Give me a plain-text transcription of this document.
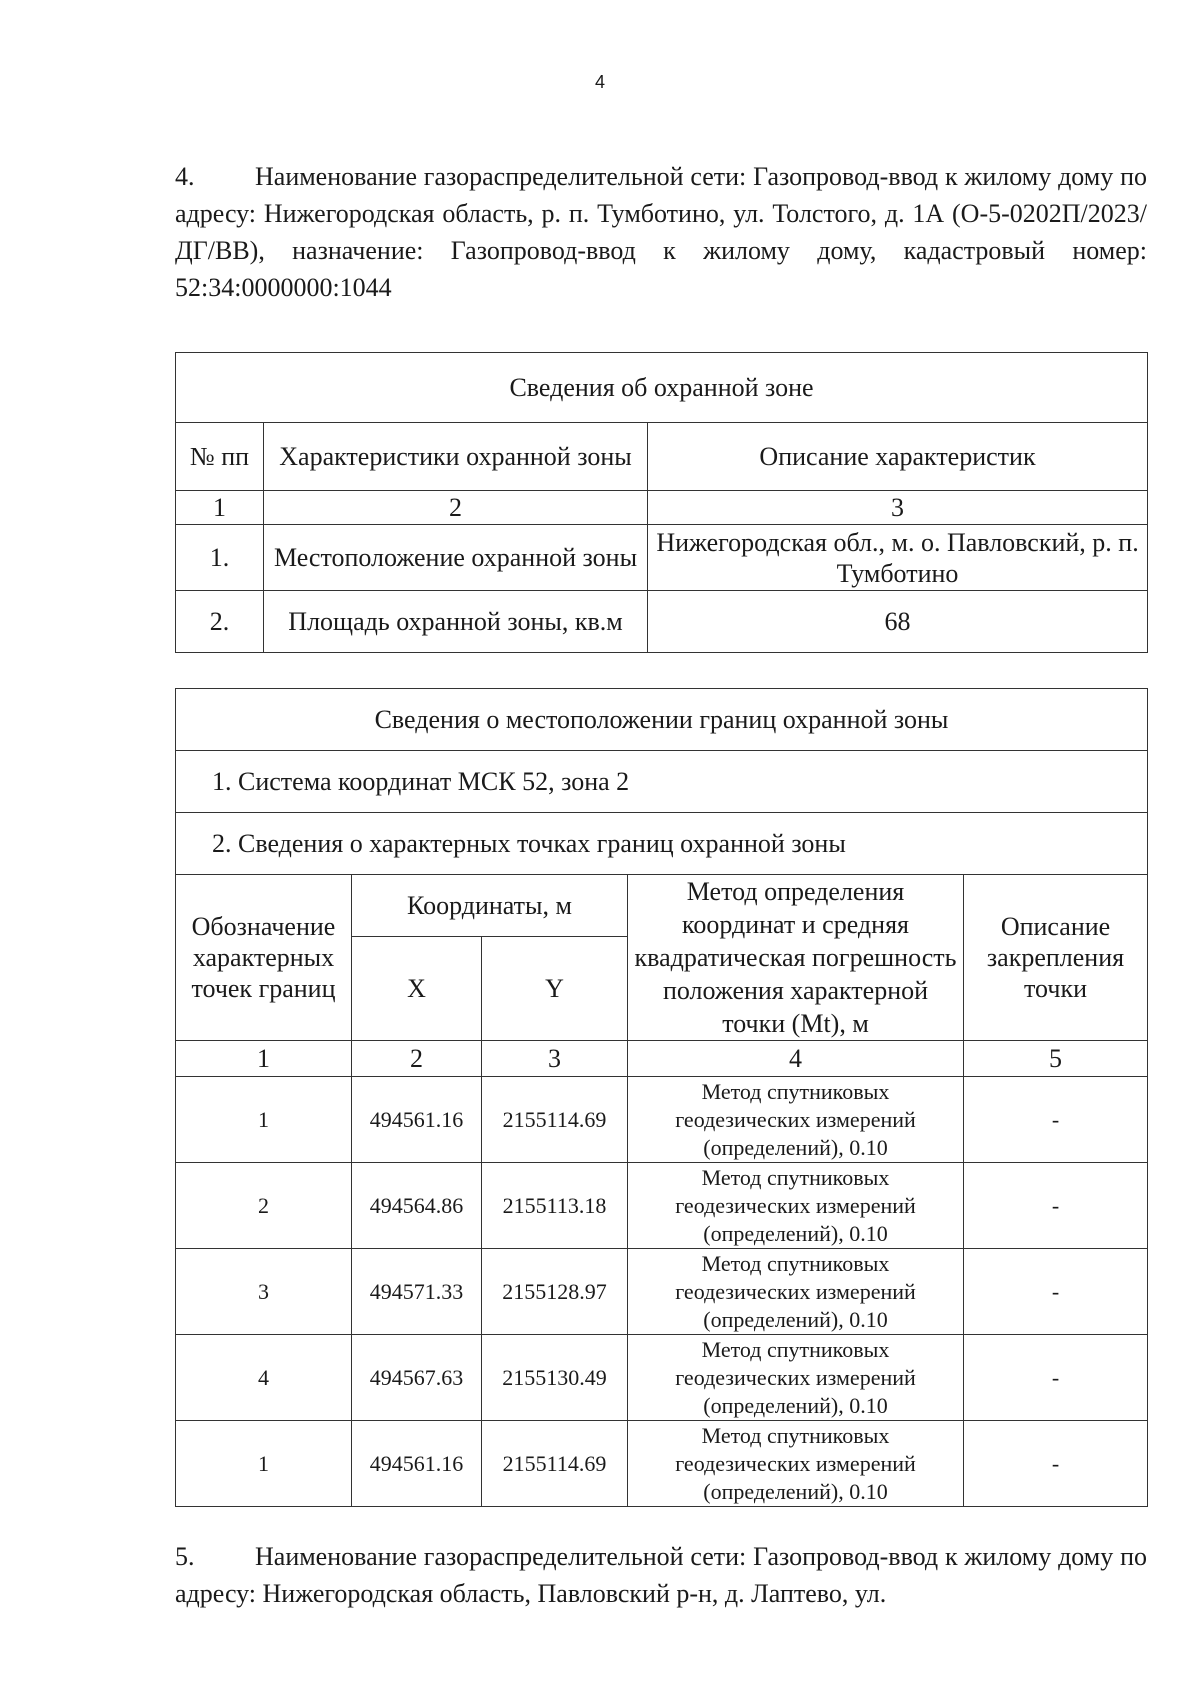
4

4. Наименование газораспределительной сети: Газопровод-ввод к жилому дому по адресу: Нижегородская область, р. п. Тумботино, ул. Толстого, д. 1А (О-5-0202П/2023/ДГ/ВВ), назначение: Газопровод-ввод к жилому дому, кадастровый номер: 52:34:0000000:1044

Сведения об охранной зоне		
№ пп	Характеристики охранной зоны	Описание характеристик
1	2	3
1.	Местоположение охранной зоны	Нижегородская обл., м. о. Павловский, р. п. Тумботино
2.	Площадь охранной зоны, кв.м	68
Сведения о местоположении границ охранной зоны				
1. Система координат МСК 52, зона 2				
2. Сведения о характерных точках границ охранной зоны				
Обозначение характерных точек границ	Координаты, м		Метод определения координат и средняя квадратическая погрешность положения характерной точки (Mt), м	Описание закрепления точки
	X	Y		
1	2	3	4	5
1	494561.16	2155114.69	Метод спутниковых геодезических измерений (определений), 0.10	-
2	494564.86	2155113.18	Метод спутниковых геодезических измерений (определений), 0.10	-
3	494571.33	2155128.97	Метод спутниковых геодезических измерений (определений), 0.10	-
4	494567.63	2155130.49	Метод спутниковых геодезических измерений (определений), 0.10	-
1	494561.16	2155114.69	Метод спутниковых геодезических измерений (определений), 0.10	-

5. Наименование газораспределительной сети: Газопровод-ввод к жилому дому по адресу: Нижегородская область, Павловский р-н, д. Лаптево, ул.
